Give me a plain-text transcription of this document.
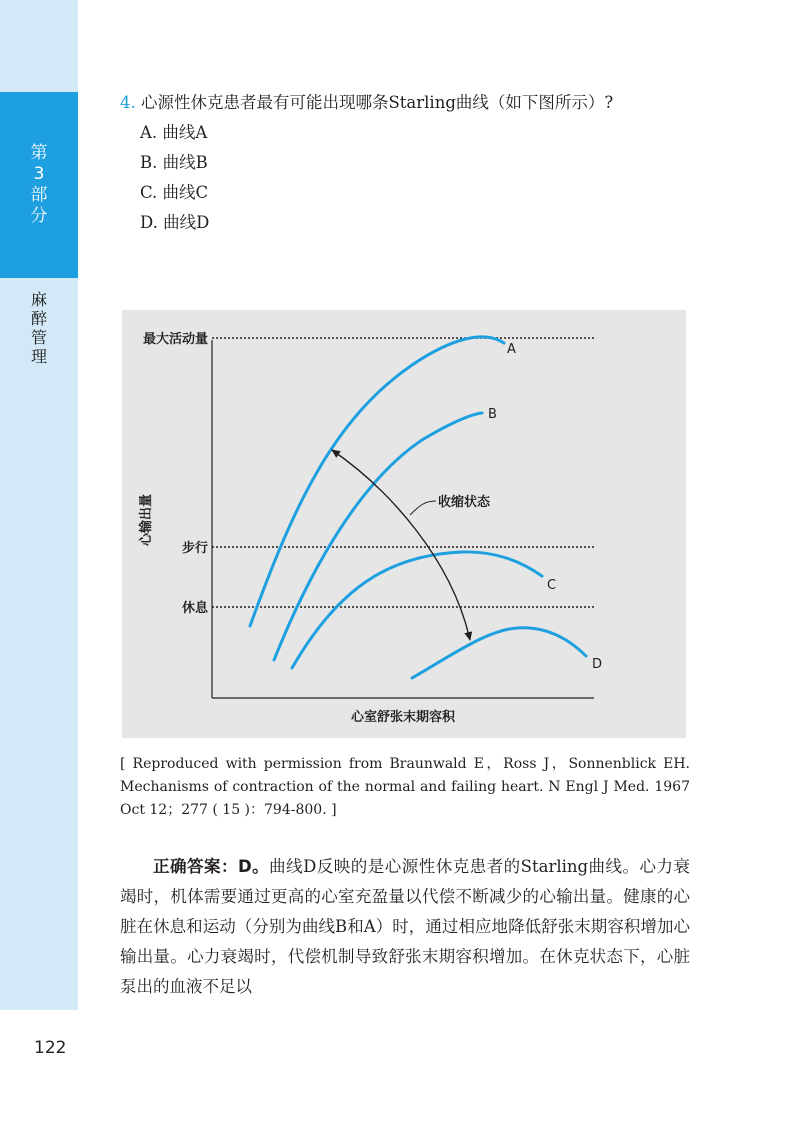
第
3
部
分
麻
醉
管
理
122

4. 心源性休克患者最有可能出现哪条Starling曲线（如下图所示）?

A. 曲线A

B. 曲线B

C. 曲线C

D. 曲线D

最大活动量
步行
休息
心输出量
心室舒张末期容积
A
B
C
D
收缩状态

[ Reproduced with permission from Braunwald E，Ross J，Sonnenblick EH. Mechanisms of contraction of the normal and failing heart. N Engl J Med. 1967 Oct 12；277 ( 15 )：794-800. ]

正确答案：D。曲线D反映的是心源性休克患者的Starling曲线。心力衰竭时，机体需要通过更高的心室充盈量以代偿不断减少的心输出量。健康的心脏在休息和运动（分别为曲线B和A）时，通过相应地降低舒张末期容积增加心输出量。心力衰竭时，代偿机制导致舒张末期容积增加。在休克状态下，心脏泵出的血液不足以
